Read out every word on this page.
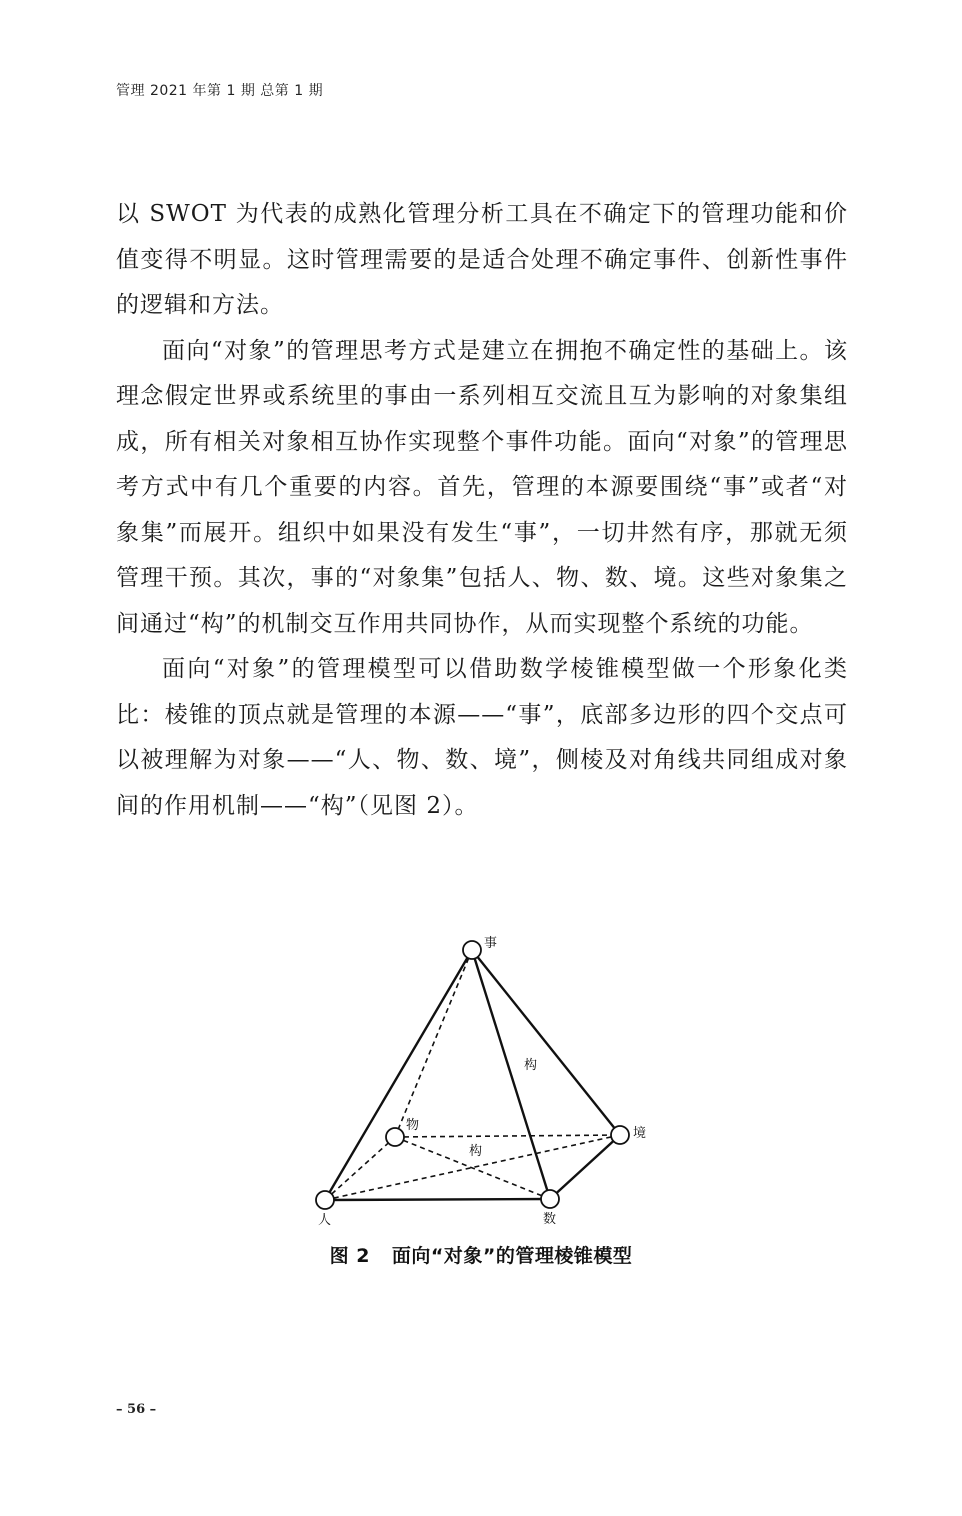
管理 2021 年第 1 期 总第 1 期

以 SWOT 为代表的成熟化管理分析工具在不确定下的管理功能和价值变得不明显。这时管理需要的是适合处理不确定事件、创新性事件的逻辑和方法。

面向“对象”的管理思考方式是建立在拥抱不确定性的基础上。该理念假定世界或系统里的事由一系列相互交流且互为影响的对象集组成，所有相关对象相互协作实现整个事件功能。面向“对象”的管理思考方式中有几个重要的内容。首先，管理的本源要围绕“事”或者“对象集”而展开。组织中如果没有发生“事”，一切井然有序，那就无须管理干预。其次，事的“对象集”包括人、物、数、境。这些对象集之间通过“构”的机制交互作用共同协作，从而实现整个系统的功能。

面向“对象”的管理模型可以借助数学棱锥模型做一个形象化类比：棱锥的顶点就是管理的本源——“事”，底部多边形的四个交点可以被理解为对象——“人、物、数、境”，侧棱及对角线共同组成对象间的作用机制——“构”（见图 2）。

事
物
境
人	数
构
构
图 2 面向“对象”的管理棱锥模型
– 56 –
